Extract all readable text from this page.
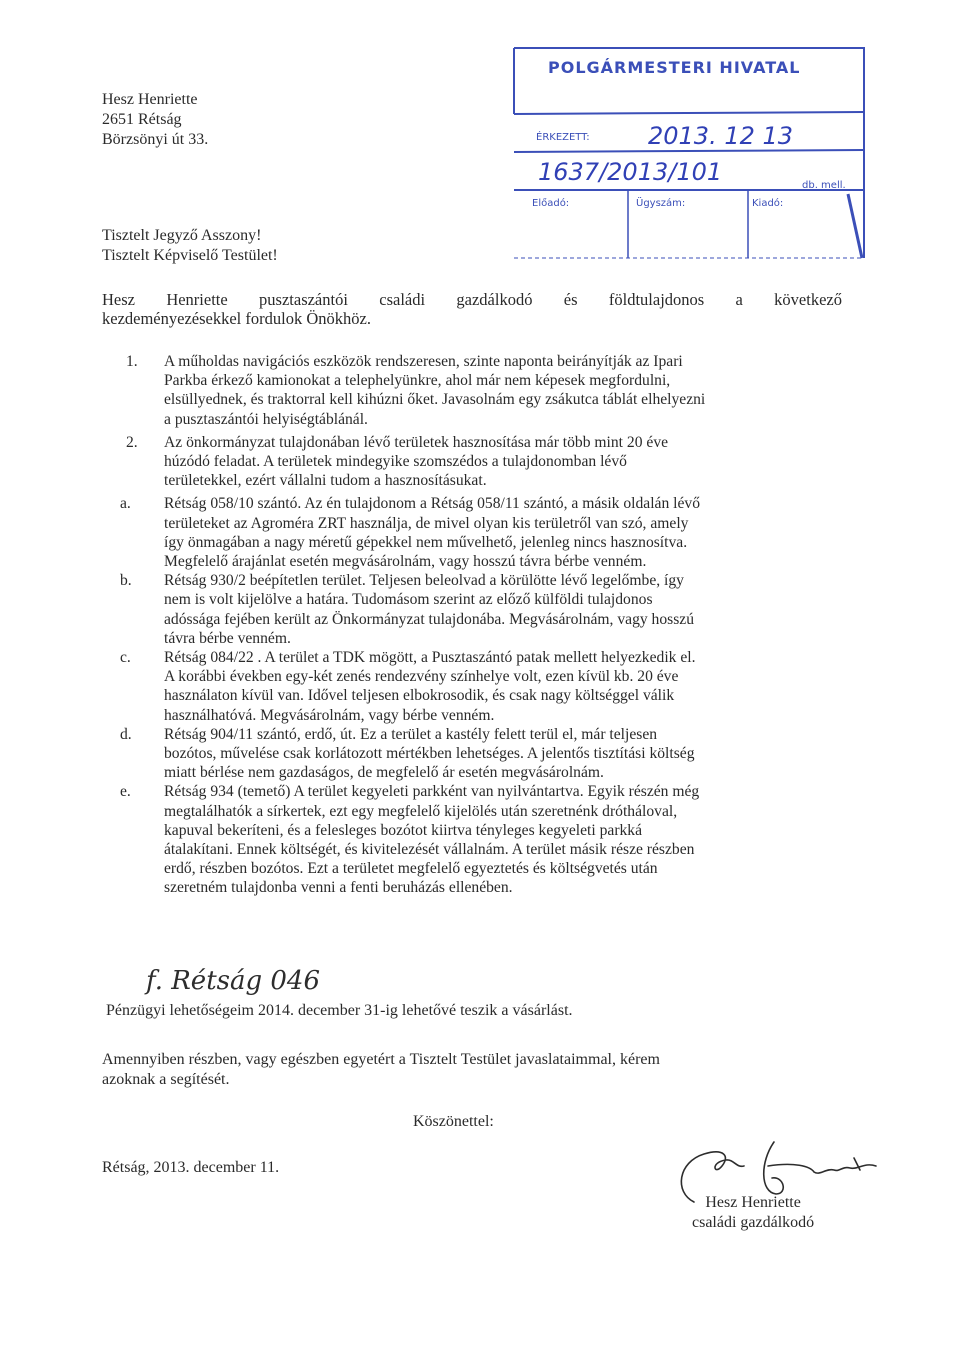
Hesz Henriette
2651 Rétság
Börzsönyi út 33.
POLGÁRMESTERI HIVATAL
ÉRKEZETT: 2013. 12 13
1637/2013/101	db. mell.
Előadó:	Ügyszám:	Kiadó:
Tisztelt Jegyző Asszony!
Tisztelt Képviselő Testület!
Hesz Henriette pusztaszántói családi gazdálkodó és földtulajdonos a következő
kezdeményezésekkel fordulok Önökhöz.
1. A műholdas navigációs eszközök rendszeresen, szinte naponta beirányítják az Ipari
Parkba érkező kamionokat a telephelyünkre, ahol már nem képesek megfordulni,
elsüllyednek, és traktorral kell kihúzni őket. Javasolnám egy zsákutca táblát elhelyezni
a pusztaszántói helyiségtáblánál.
2. Az önkormányzat tulajdonában lévő területek hasznosítása már több mint 20 éve
húzódó feladat. A területek mindegyike szomszédos a tulajdonomban lévő
területekkel, ezért vállalni tudom a hasznosításukat.
a. Rétság 058/10 szántó. Az én tulajdonom a Rétság 058/11 szántó, a másik oldalán lévő
területeket az Agroméra ZRT használja, de mivel olyan kis területről van szó, amely
így önmagában a nagy méretű gépekkel nem művelhető, jelenleg nincs hasznosítva.
Megfelelő árajánlat esetén megvásárolnám, vagy hosszú távra bérbe venném.
b. Rétság 930/2 beépítetlen terület. Teljesen beleolvad a körülötte lévő legelőmbe, így
nem is volt kijelölve a határa. Tudomásom szerint az előző külföldi tulajdonos
adóssága fejében került az Önkormányzat tulajdonába. Megvásárolnám, vagy hosszú
távra bérbe venném.
c. Rétság 084/22 . A terület a TDK mögött, a Pusztaszántó patak mellett helyezkedik el.
A korábbi években egy-két zenés rendezvény színhelye volt, ezen kívül kb. 20 éve
használaton kívül van. Idővel teljesen elbokrosodik, és csak nagy költséggel válik
használhatóvá. Megvásárolnám, vagy bérbe venném.
d. Rétság 904/11 szántó, erdő, út. Ez a terület a kastély felett terül el, már teljesen
bozótos, művelése csak korlátozott mértékben lehetséges. A jelentős tisztítási költség
miatt bérlése nem gazdaságos, de megfelelő ár esetén megvásárolnám.
e. Rétság 934 (temető) A terület kegyeleti parkként van nyilvántartva. Egyik részén még
megtalálhatók a sírkertek, ezt egy megfelelő kijelölés után szeretnénk drótháloval,
kapuval bekeríteni, és a felesleges bozótot kiirtva tényleges kegyeleti parkká
átalakítani. Ennek költségét, és kivitelezését vállalnám. A terület másik része részben
erdő, részben bozótos. Ezt a területet megfelelő egyeztetés és költségvetés után
szeretném tulajdonba venni a fenti beruházás ellenében.
f. Rétság 046
Pénzügyi lehetőségeim 2014. december 31-ig lehetővé teszik a vásárlást.
Amennyiben részben, vagy egészben egyetért a Tisztelt Testület javaslataimmal, kérem
azoknak a segítését.
Köszönettel:
Rétság, 2013. december 11.
Hesz Henriette
családi gazdálkodó
